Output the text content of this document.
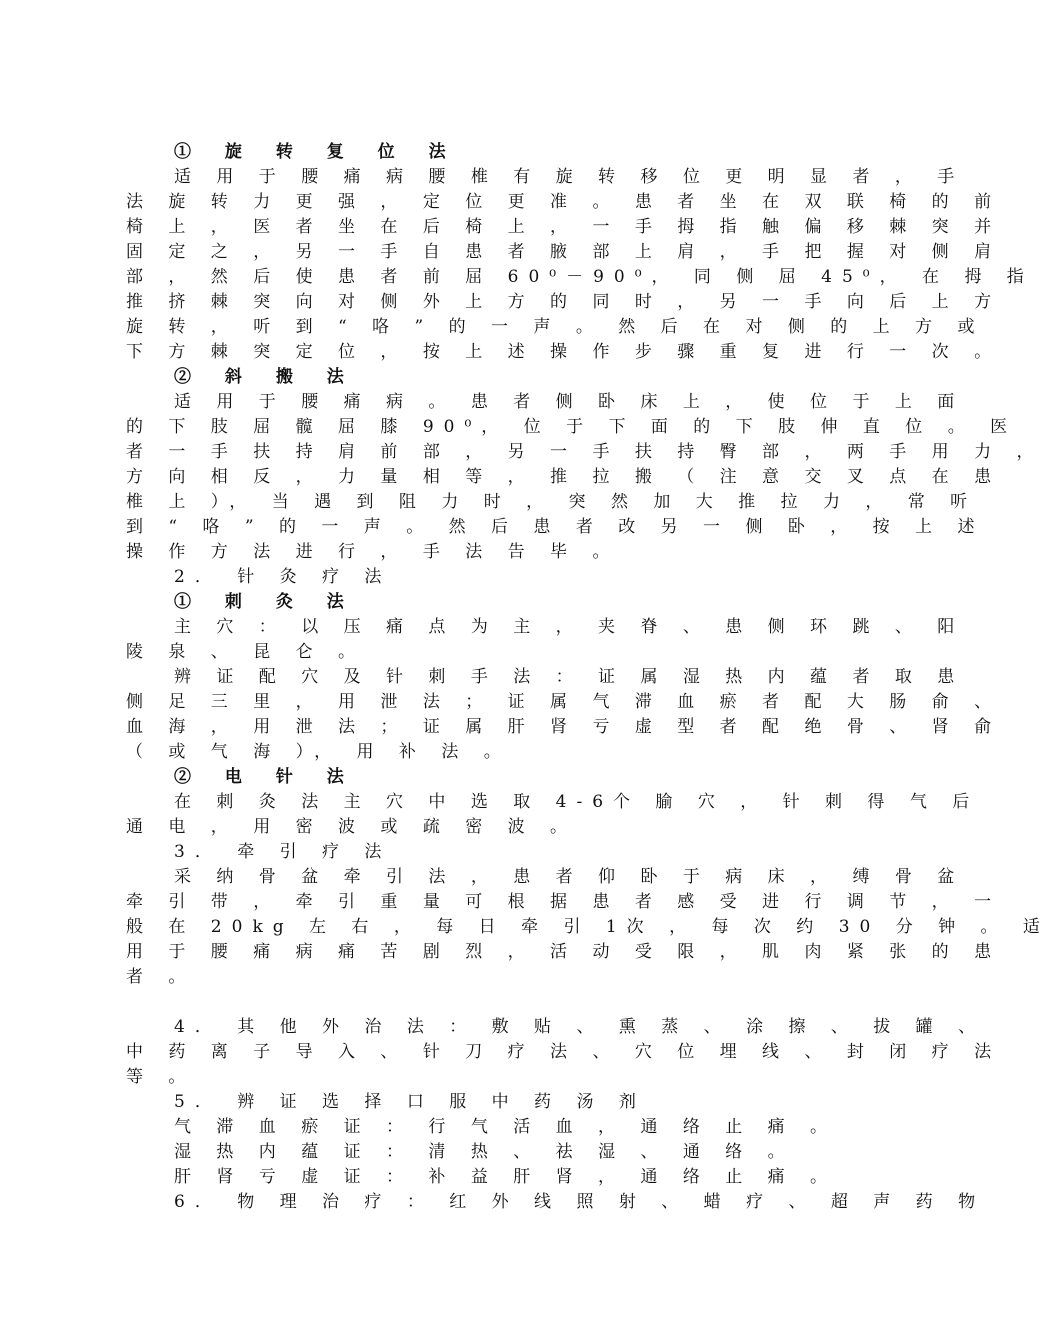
① 旋 转 复 位 法
适 用 于 腰 痛 病 腰 椎 有 旋 转 移 位 更 明 显 者 ， 手
法 旋 转 力 更 强 ， 定 位 更 准 。 患 者 坐 在 双 联 椅 的 前
椅 上 ， 医 者 坐 在 后 椅 上 ， 一 手 拇 指 触 偏 移 棘 突 并
固 定 之 ， 另 一 手 自 患 者 腋 部 上 肩 ， 手 把 握 对 侧 肩
部 ， 然 后 使 患 者 前 屈 60⁰－90⁰， 同 侧 屈 45⁰， 在 拇 指
推 挤 棘 突 向 对 侧 外 上 方 的 同 时 ， 另 一 手 向 后 上 方
旋 转 ， 听 到 “ 咯 ” 的 一 声 。 然 后 在 对 侧 的 上 方 或
下 方 棘 突 定 位 ， 按 上 述 操 作 步 骤 重 复 进 行 一 次 。
② 斜 搬 法
适 用 于 腰 痛 病 。 患 者 侧 卧 床 上 ， 使 位 于 上 面
的 下 肢 屈 髋 屈 膝 90⁰， 位 于 下 面 的 下 肢 伸 直 位 。 医
者 一 手 扶 持 肩 前 部 ， 另 一 手 扶 持 臀 部 ， 两 手 用 力 ，
方 向 相 反 ， 力 量 相 等 ， 推 拉 搬 （ 注 意 交 叉 点 在 患
椎 上 ）， 当 遇 到 阻 力 时 ， 突 然 加 大 推 拉 力 ， 常 听
到 “ 咯 ” 的 一 声 。 然 后 患 者 改 另 一 侧 卧 ， 按 上 述
操 作 方 法 进 行 ， 手 法 告 毕 。
2． 针 灸 疗 法
① 刺 灸 法
主 穴 ： 以 压 痛 点 为 主 ， 夹 脊 、 患 侧 环 跳 、 阳
陵 泉 、 昆 仑 。
辨 证 配 穴 及 针 刺 手 法 ： 证 属 湿 热 内 蕴 者 取 患
侧 足 三 里 ， 用 泄 法 ； 证 属 气 滞 血 瘀 者 配 大 肠 俞 、
血 海 ， 用 泄 法 ； 证 属 肝 肾 亏 虚 型 者 配 绝 骨 、 肾 俞
（ 或 气 海 ）， 用 补 法 。
② 电 针 法
在 刺 灸 法 主 穴 中 选 取 4-6个 腧 穴 ， 针 刺 得 气 后
通 电 ， 用 密 波 或 疏 密 波 。
3． 牵 引 疗 法
采 纳 骨 盆 牵 引 法 ， 患 者 仰 卧 于 病 床 ， 缚 骨 盆
牵 引 带 ， 牵 引 重 量 可 根 据 患 者 感 受 进 行 调 节 ， 一
般 在 20kg 左 右 ， 每 日 牵 引 1次 ， 每 次 约 30 分 钟 。 适
用 于 腰 痛 病 痛 苦 剧 烈 ， 活 动 受 限 ， 肌 肉 紧 张 的 患
者 。
4． 其 他 外 治 法 ： 敷 贴 、 熏 蒸 、 涂 擦 、 拔 罐 、
中 药 离 子 导 入 、 针 刀 疗 法 、 穴 位 埋 线 、 封 闭 疗 法
等 。
5． 辨 证 选 择 口 服 中 药 汤 剂
气 滞 血 瘀 证 ： 行 气 活 血 ， 通 络 止 痛 。
湿 热 内 蕴 证 ： 清 热 、 祛 湿 、 通 络 。
肝 肾 亏 虚 证 ： 补 益 肝 肾 ， 通 络 止 痛 。
6． 物 理 治 疗 ： 红 外 线 照 射 、 蜡 疗 、 超 声 药 物
